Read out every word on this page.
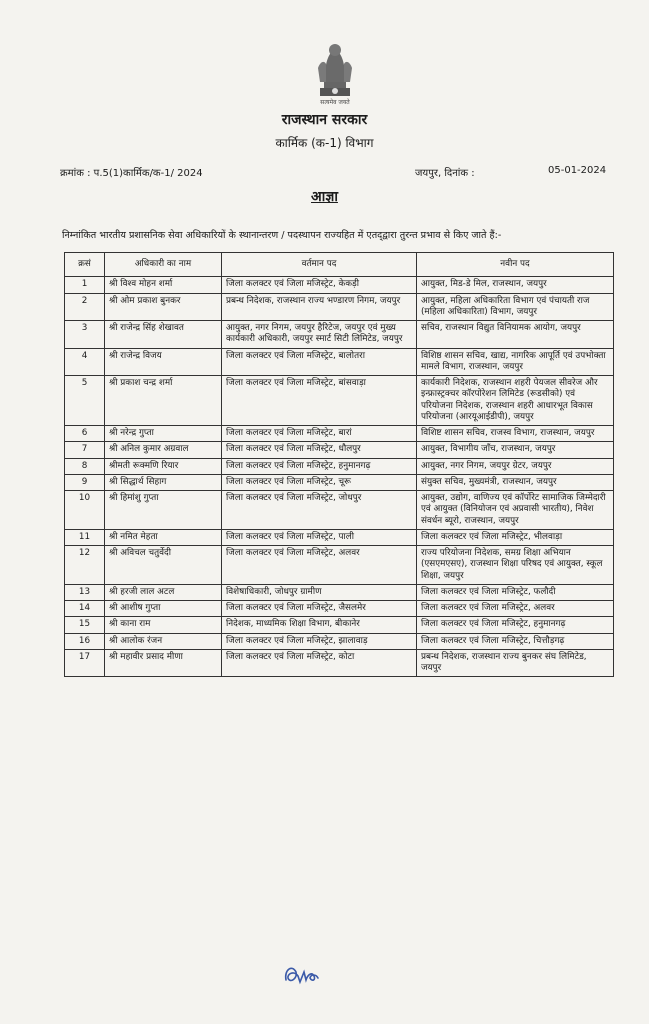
सत्यमेव जयते
राजस्थान सरकार
कार्मिक (क-1) विभाग
क्रमांक : प.5(1)कार्मिक/क-1/ 2024	जयपुर, दिनांक :	05-01-2024
आज्ञा
निम्नांकित भारतीय प्रशासनिक सेवा अधिकारियों के स्थानान्तरण / पदस्थापन राज्यहित में एतद्‌द्वारा तुरन्त प्रभाव से किए जाते हैं:-
क्रसं	अधिकारी का नाम	वर्तमान पद	नवीन पद
1	श्री विश्व मोहन शर्मा	जिला कलक्टर एवं जिला मजिस्ट्रेट, केकड़ी	आयुक्त, मिड-डे मिल, राजस्थान, जयपुर
2	श्री ओम प्रकाश बुनकर	प्रबन्ध निदेशक, राजस्थान राज्य भण्डारण निगम, जयपुर	आयुक्त, महिला अधिकारिता विभाग एवं पंचायती राज (महिला अधिकारिता) विभाग, जयपुर
3	श्री राजेन्द्र सिंह शेखावत	आयुक्त, नगर निगम, जयपुर हैरिटेज, जयपुर एवं मुख्य कार्यकारी अधिकारी, जयपुर स्मार्ट सिटी लिमिटेड, जयपुर	सचिव, राजस्थान विद्युत विनियामक आयोग, जयपुर
4	श्री राजेन्द्र विजय	जिला कलक्टर एवं जिला मजिस्ट्रेट, बालोतरा	विशिष्ठ शासन सचिव, खाद्य, नागरिक आपूर्ति एवं उपभोक्ता मामले विभाग, राजस्थान, जयपुर
5	श्री प्रकाश चन्द्र शर्मा	जिला कलक्टर एवं जिला मजिस्ट्रेट, बांसवाड़ा	कार्यकारी निदेशक, राजस्थान शहरी पेयजल सीवरेज और इन्फ्रास्ट्रक्चर कॉरपोरेशन लिमिटेड (रूडसीको) एवं परियोजना निदेशक, राजस्थान शहरी आधारभूत विकास परियोजना (आरयूआईडीपी), जयपुर
6	श्री नरेन्द्र गुप्ता	जिला कलक्टर एवं जिला मजिस्ट्रेट, बारां	विशिष्ट शासन सचिव, राजस्व विभाग, राजस्थान, जयपुर
7	श्री अनिल कुमार अग्रवाल	जिला कलक्टर एवं जिला मजिस्ट्रेट, धौलपुर	आयुक्त, विभागीय जाँच, राजस्थान, जयपुर
8	श्रीमती रूक्मणि रियार	जिला कलक्टर एवं जिला मजिस्ट्रेट, हनुमानगढ़	आयुक्त, नगर निगम, जयपुर ग्रेटर, जयपुर
9	श्री सिद्धार्थ सिहाग	जिला कलक्टर एवं जिला मजिस्ट्रेट, चूरू	संयुक्त सचिव, मुख्यमंत्री, राजस्थान, जयपुर
10	श्री हिमांशु गुप्ता	जिला कलक्टर एवं जिला मजिस्ट्रेट, जोधपुर	आयुक्त, उद्योग, वाणिज्य एवं कॉर्पोरेट सामाजिक जिम्मेदारी एवं आयुक्त (विनियोजन एवं अप्रवासी भारतीय), निवेश संवर्धन ब्यूरो, राजस्थान, जयपुर
11	श्री नमित मेहता	जिला कलक्टर एवं जिला मजिस्ट्रेट, पाली	जिला कलक्टर एवं जिला मजिस्ट्रेट, भीलवाड़ा
12	श्री अविचल चतुर्वेदी	जिला कलक्टर एवं जिला मजिस्ट्रेट, अलवर	राज्य परियोजना निदेशक, समग्र शिक्षा अभियान (एसएमएसए), राजस्थान शिक्षा परिषद एवं आयुक्त, स्कूल शिक्षा, जयपुर
13	श्री हरजी लाल अटल	विशेषाधिकारी, जोधपुर ग्रामीण	जिला कलक्टर एवं जिला मजिस्ट्रेट, फलौदी
14	श्री आशीष गुप्ता	जिला कलक्टर एवं जिला मजिस्ट्रेट, जैसलमेर	जिला कलक्टर एवं जिला मजिस्ट्रेट, अलवर
15	श्री काना राम	निदेशक, माध्यमिक शिक्षा विभाग, बीकानेर	जिला कलक्टर एवं जिला मजिस्ट्रेट, हनुमानगढ़
16	श्री आलोक रंजन	जिला कलक्टर एवं जिला मजिस्ट्रेट, झालावाड़	जिला कलक्टर एवं जिला मजिस्ट्रेट, चित्तौड़गढ़
17	श्री महावीर प्रसाद मीणा	जिला कलक्टर एवं जिला मजिस्ट्रेट, कोटा	प्रबन्ध निदेशक, राजस्थान राज्य बुनकर संघ लिमिटेड, जयपुर
